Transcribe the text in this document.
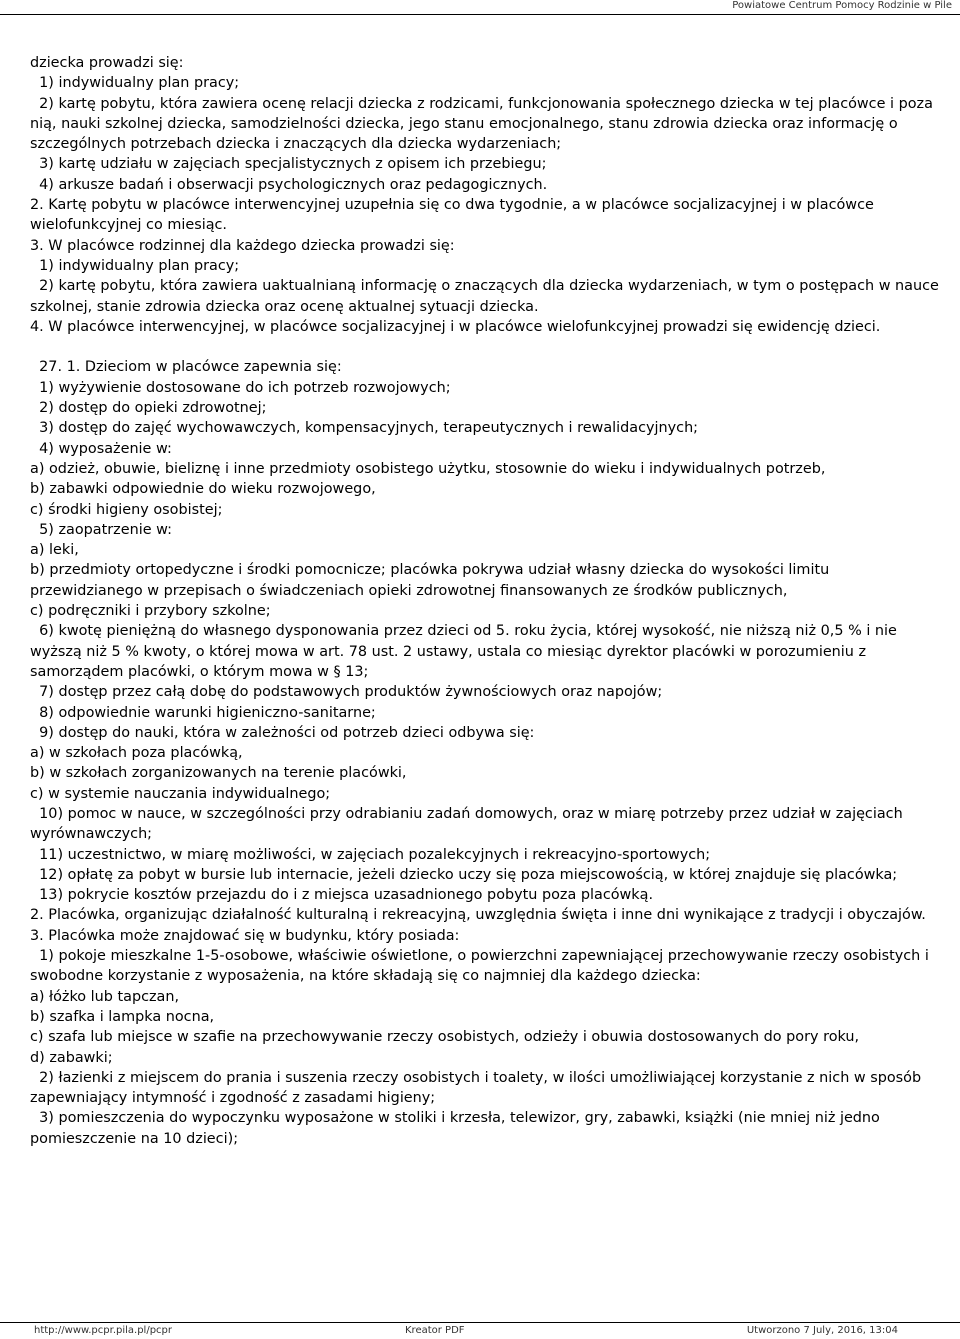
Powiatowe Centrum Pomocy Rodzinie w Pile

dziecka prowadzi się:

1) indywidualny plan pracy;

2) kartę pobytu, która zawiera ocenę relacji dziecka z rodzicami, funkcjonowania społecznego dziecka w tej placówce i poza nią, nauki szkolnej dziecka, samodzielności dziecka, jego stanu emocjonalnego, stanu zdrowia dziecka oraz informację o szczególnych potrzebach dziecka i znaczących dla dziecka wydarzeniach;

3) kartę udziału w zajęciach specjalistycznych z opisem ich przebiegu;

4) arkusze badań i obserwacji psychologicznych oraz pedagogicznych.

2. Kartę pobytu w placówce interwencyjnej uzupełnia się co dwa tygodnie, a w placówce socjalizacyjnej i w placówce wielofunkcyjnej co miesiąc.

3. W placówce rodzinnej dla każdego dziecka prowadzi się:

1) indywidualny plan pracy;

2) kartę pobytu, która zawiera uaktualnianą informację o znaczących dla dziecka wydarzeniach, w tym o postępach w nauce szkolnej, stanie zdrowia dziecka oraz ocenę aktualnej sytuacji dziecka.

4. W placówce interwencyjnej, w placówce socjalizacyjnej i w placówce wielofunkcyjnej prowadzi się ewidencję dzieci.

27. 1. Dzieciom w placówce zapewnia się:

1) wyżywienie dostosowane do ich potrzeb rozwojowych;

2) dostęp do opieki zdrowotnej;

3) dostęp do zajęć wychowawczych, kompensacyjnych, terapeutycznych i rewalidacyjnych;

4) wyposażenie w:

a) odzież, obuwie, bieliznę i inne przedmioty osobistego użytku, stosownie do wieku i indywidualnych potrzeb,

b) zabawki odpowiednie do wieku rozwojowego,

c) środki higieny osobistej;

5) zaopatrzenie w:

a) leki,

b) przedmioty ortopedyczne i środki pomocnicze; placówka pokrywa udział własny dziecka do wysokości limitu przewidzianego w przepisach o świadczeniach opieki zdrowotnej finansowanych ze środków publicznych,

c) podręczniki i przybory szkolne;

6) kwotę pieniężną do własnego dysponowania przez dzieci od 5. roku życia, której wysokość, nie niższą niż 0,5 % i nie wyższą niż 5 % kwoty, o której mowa w art. 78 ust. 2 ustawy, ustala co miesiąc dyrektor placówki w porozumieniu z samorządem placówki, o którym mowa w § 13;

7) dostęp przez całą dobę do podstawowych produktów żywnościowych oraz napojów;

8) odpowiednie warunki higieniczno-sanitarne;

9) dostęp do nauki, która w zależności od potrzeb dzieci odbywa się:

a) w szkołach poza placówką,

b) w szkołach zorganizowanych na terenie placówki,

c) w systemie nauczania indywidualnego;

10) pomoc w nauce, w szczególności przy odrabianiu zadań domowych, oraz w miarę potrzeby przez udział w zajęciach wyrównawczych;

11) uczestnictwo, w miarę możliwości, w zajęciach pozalekcyjnych i rekreacyjno-sportowych;

12) opłatę za pobyt w bursie lub internacie, jeżeli dziecko uczy się poza miejscowością, w której znajduje się placówka;

13) pokrycie kosztów przejazdu do i z miejsca uzasadnionego pobytu poza placówką.

2. Placówka, organizując działalność kulturalną i rekreacyjną, uwzględnia święta i inne dni wynikające z tradycji i obyczajów.

3. Placówka może znajdować się w budynku, który posiada:

1) pokoje mieszkalne 1-5-osobowe, właściwie oświetlone, o powierzchni zapewniającej przechowywanie rzeczy osobistych i swobodne korzystanie z wyposażenia, na które składają się co najmniej dla każdego dziecka:

a) łóżko lub tapczan,

b) szafka i lampka nocna,

c) szafa lub miejsce w szafie na przechowywanie rzeczy osobistych, odzieży i obuwia dostosowanych do pory roku,

d) zabawki;

2) łazienki z miejscem do prania i suszenia rzeczy osobistych i toalety, w ilości umożliwiającej korzystanie z nich w sposób zapewniający intymność i zgodność z zasadami higieny;

3) pomieszczenia do wypoczynku wyposażone w stoliki i krzesła, telewizor, gry, zabawki, książki (nie mniej niż jedno pomieszczenie na 10 dzieci);

http://www.pcpr.pila.pl/pcpr	Kreator PDF	Utworzono 7 July, 2016, 13:04
